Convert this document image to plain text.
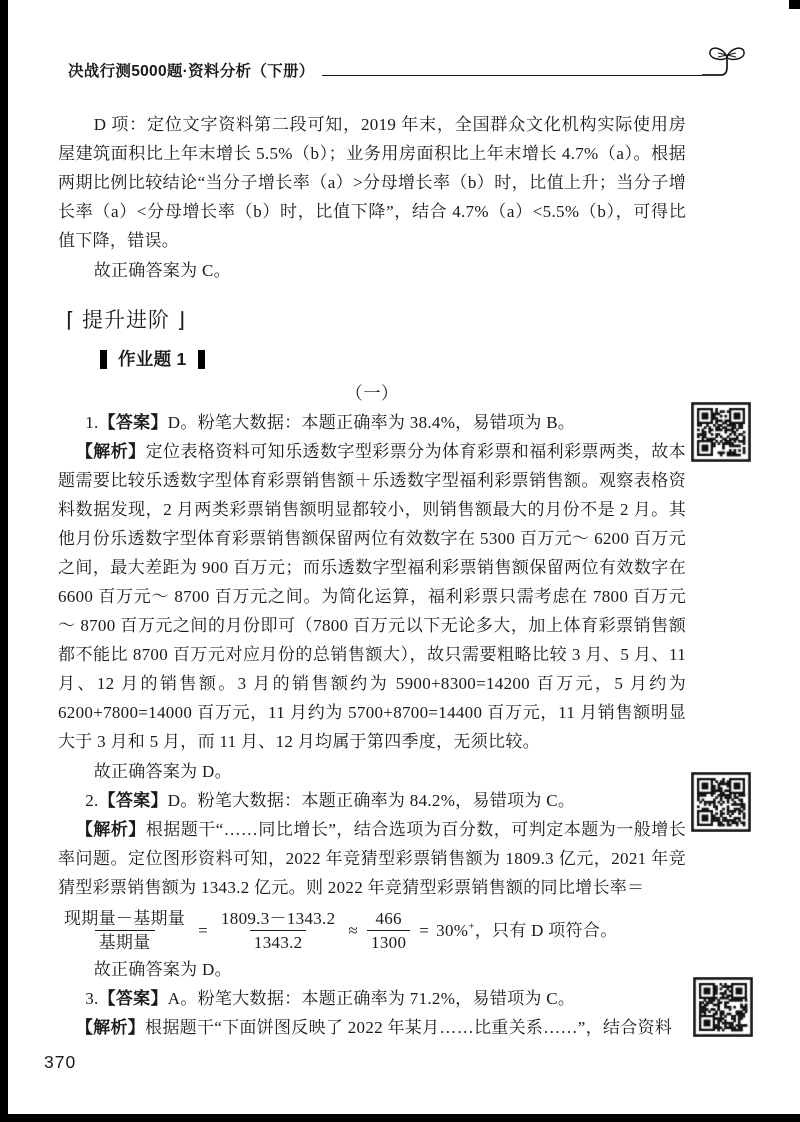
决战行测5000题·资料分析（下册）

D 项：定位文字资料第二段可知，2019 年末，全国群众文化机构实际使用房屋建筑面积比上年末增长 5.5%（b）；业务用房面积比上年末增长 4.7%（a）。根据两期比例比较结论“当分子增长率（a）>分母增长率（b）时，比值上升；当分子增长率（a）<分母增长率（b）时，比值下降”，结合 4.7%（a）<5.5%（b），可得比值下降，错误。

故正确答案为 C。

⌈ 提升进阶 ⌋
作业题 1
（一）

1.【答案】D。粉笔大数据：本题正确率为 38.4%，易错项为 B。

【解析】定位表格资料可知乐透数字型彩票分为体育彩票和福利彩票两类，故本题需要比较乐透数字型体育彩票销售额＋乐透数字型福利彩票销售额。观察表格资料数据发现，2 月两类彩票销售额明显都较小，则销售额最大的月份不是 2 月。其他月份乐透数字型体育彩票销售额保留两位有效数字在 5300 百万元～ 6200 百万元之间，最大差距为 900 百万元；而乐透数字型福利彩票销售额保留两位有效数字在 6600 百万元～ 8700 百万元之间。为简化运算，福利彩票只需考虑在 7800 百万元～ 8700 百万元之间的月份即可（7800 百万元以下无论多大，加上体育彩票销售额都不能比 8700 百万元对应月份的总销售额大），故只需要粗略比较 3 月、5 月、11 月、12 月的销售额。3 月的销售额约为 5900+8300=14200 百万元，5 月约为 6200+7800=14000 百万元，11 月约为 5700+8700=14400 百万元，11 月销售额明显大于 3 月和 5 月，而 11 月、12 月均属于第四季度，无须比较。

故正确答案为 D。

2.【答案】D。粉笔大数据：本题正确率为 84.2%，易错项为 C。

【解析】根据题干“……同比增长”，结合选项为百分数，可判定本题为一般增长率问题。定位图形资料可知，2022 年竞猜型彩票销售额为 1809.3 亿元，2021 年竞猜型彩票销售额为 1343.2 亿元。则 2022 年竞猜型彩票销售额的同比增长率＝

$\frac{\text{现期量－基期量}}{\text{基期量}} = \frac{1809.3-1343.2}{1343.2} \approx \frac{466}{1300} = 30\%^+$，只有 D 项符合。

故正确答案为 D。

3.【答案】A。粉笔大数据：本题正确率为 71.2%，易错项为 C。

【解析】根据题干“下面饼图反映了 2022 年某月……比重关系……”，结合资料

370
